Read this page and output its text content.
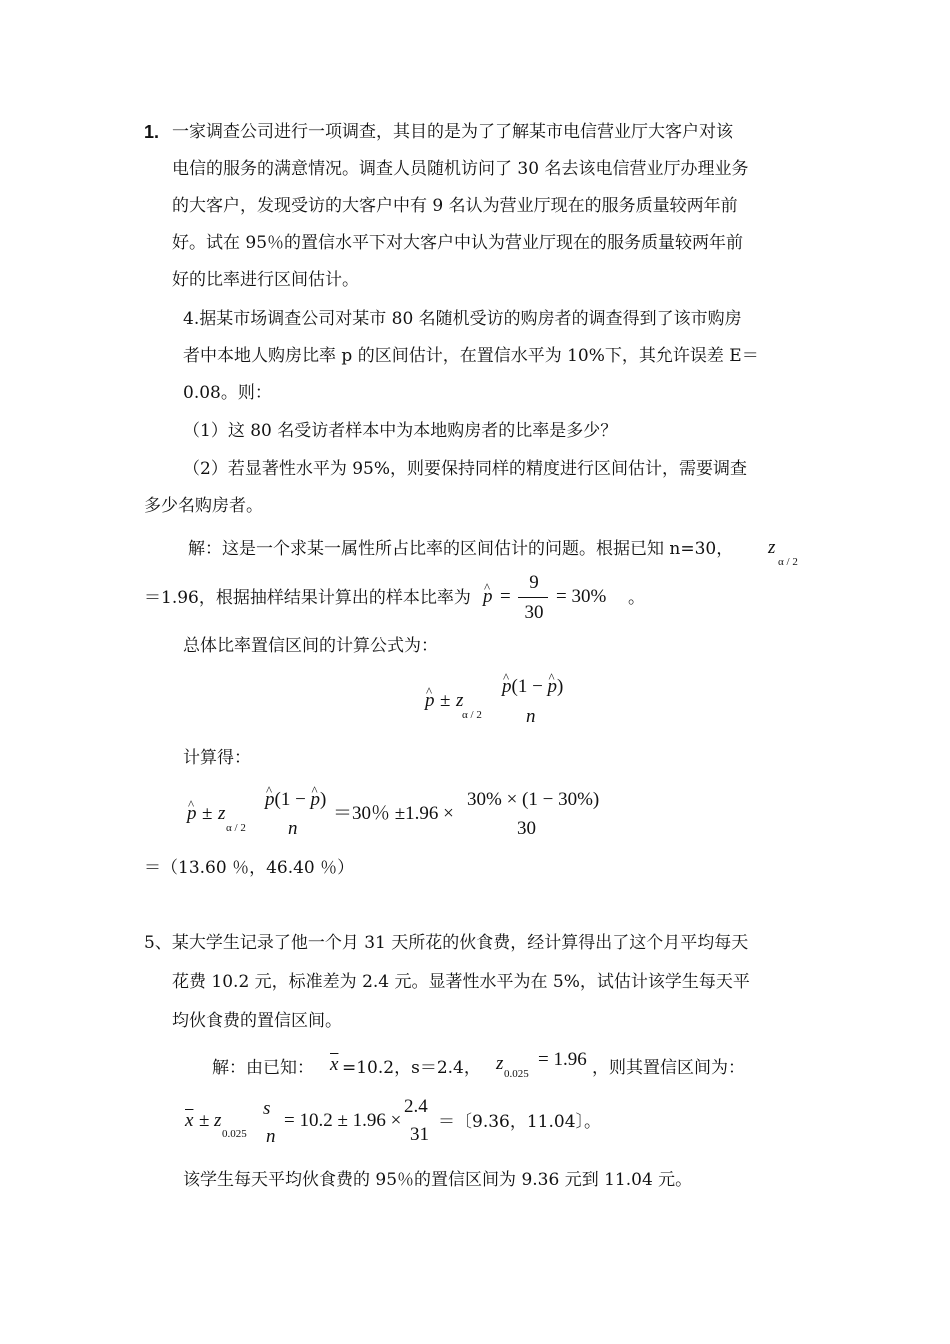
1. 一家调查公司进行一项调查，其目的是为了了解某市电信营业厅大客户对该
电信的服务的满意情况。调查人员随机访问了 30 名去该电信营业厅办理业务
的大客户，发现受访的大客户中有 9 名认为营业厅现在的服务质量较两年前
好。试在 95％的置信水平下对大客户中认为营业厅现在的服务质量较两年前
好的比率进行区间估计。
4.据某市场调查公司对某市 80 名随机受访的购房者的调查得到了该市购房
者中本地人购房比率 p 的区间估计，在置信水平为 10%下，其允许误差 E＝
0.08。则：
（1）这 80 名受访者样本中为本地购房者的比率是多少？
（2）若显著性水平为 95%，则要保持同样的精度进行区间估计，需要调查
多少名购房者。
解：这是一个求某一属性所占比率的区间估计的问题。根据已知 n=30， z
α / 2
＝1.96，根据抽样结果计算出的样本比率为 ^ p =
9
30
= 30% 。
总体比率置信区间的计算公式为：
^ p ± z
α / 2
^ p(1 − ^ p)
n
计算得：
^ p ± z
α / 2
^ p(1 − ^ p)
n
＝30％ ±1.96 ×
30% × (1 − 30%)
30
＝（13.60 ％，46.40 ％）
5、某大学生记录了他一个月 31 天所花的伙食费，经计算得出了这个月平均每天
花费 10.2 元，标准差为 2.4 元。显著性水平为在 5%，试估计该学生每天平
均伙食费的置信区间。
解：由已知： $\overline{x} =10.2$，s＝2.4， z 0.025
= 1.96 ，则其置信区间为：
$\overline{x} \pm z$
0.025
s
n
= 10.2 ± 1.96 ×
2.4
31
＝〔9.36，11.04〕。
该学生每天平均伙食费的 95％的置信区间为 9.36 元到 11.04 元。
